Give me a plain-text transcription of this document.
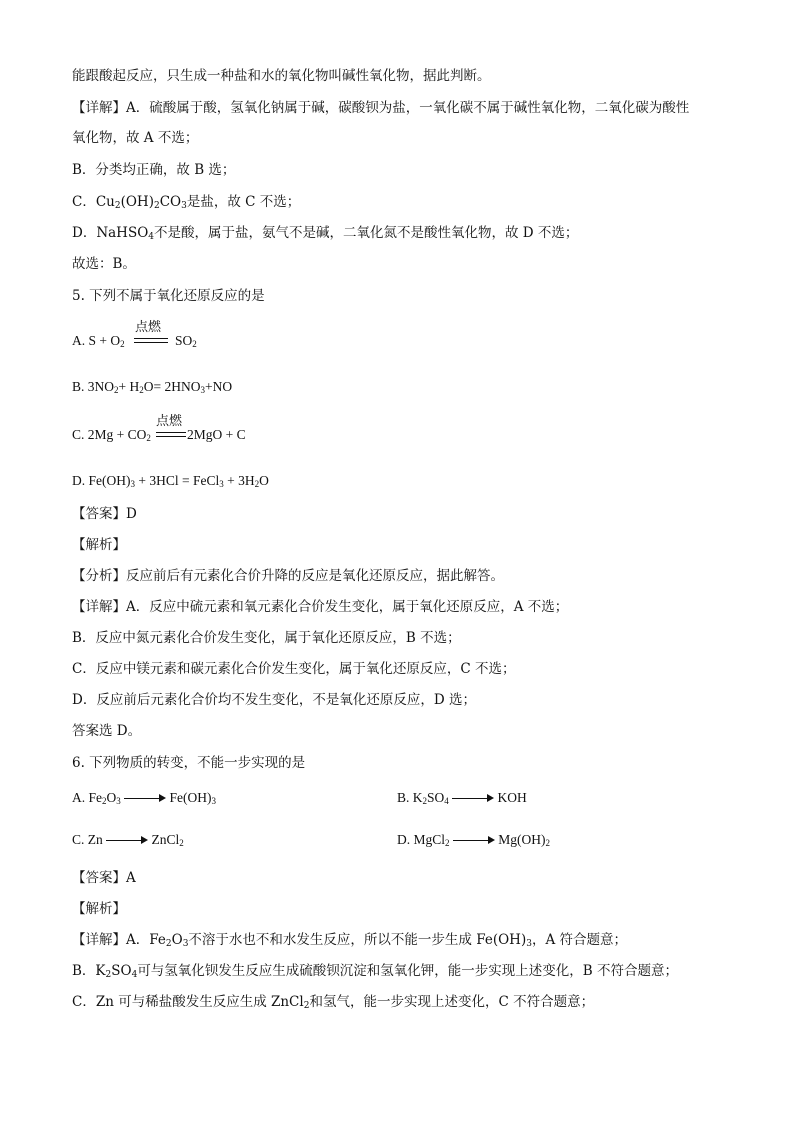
能跟酸起反应，只生成一种盐和水的氧化物叫碱性氧化物，据此判断。
【详解】A．硫酸属于酸，氢氧化钠属于碱，碳酸钡为盐，一氧化碳不属于碱性氧化物，二氧化碳为酸性
氧化物，故 A 不选；
B．分类均正确，故 B 选；
C．$Cu_2(OH)_2CO_3$是盐，故 C 不选；
D．NaHSO$_4$不是酸，属于盐，氨气不是碱，二氧化氮不是酸性氧化物，故 D 不选；
故选：B。
5. 下列不属于氧化还原反应的是
A. $S + O_2$
点燃
$SO_2$
B. $3NO_2+ H_2O= 2HNO_3+NO$
C. $2Mg + CO_2$
点燃
2MgO + C
D. $Fe(OH)_3 + 3HCl$ = FeCl$_3$ + $3H_2O$
【答案】D
【解析】
【分析】反应前后有元素化合价升降的反应是氧化还原反应，据此解答。
【详解】A．反应中硫元素和氧元素化合价发生变化，属于氧化还原反应，A 不选；
B．反应中氮元素化合价发生变化，属于氧化还原反应，B 不选；
C．反应中镁元素和碳元素化合价发生变化，属于氧化还原反应，C 不选；
D．反应前后元素化合价均不发生变化，不是氧化还原反应，D 选；
答案选 D。
6. 下列物质的转变，不能一步实现的是
A. $Fe_2O_3$	$Fe(OH)_3$	B. $K_2SO_4$	KOH
C. Zn	ZnCl$_2$	D. MgCl$_2$	$Mg(OH)_2$
【答案】A
【解析】
【详解】A．$Fe_2O_3$不溶于水也不和水发生反应，所以不能一步生成 $Fe(OH)_3$，A 符合题意；
B．$K_2SO_4$可与氢氧化钡发生反应生成硫酸钡沉淀和氢氧化钾，能一步实现上述变化，B 不符合题意；
C．Zn 可与稀盐酸发生反应生成 ZnCl$_2$和氢气，能一步实现上述变化，C 不符合题意；
